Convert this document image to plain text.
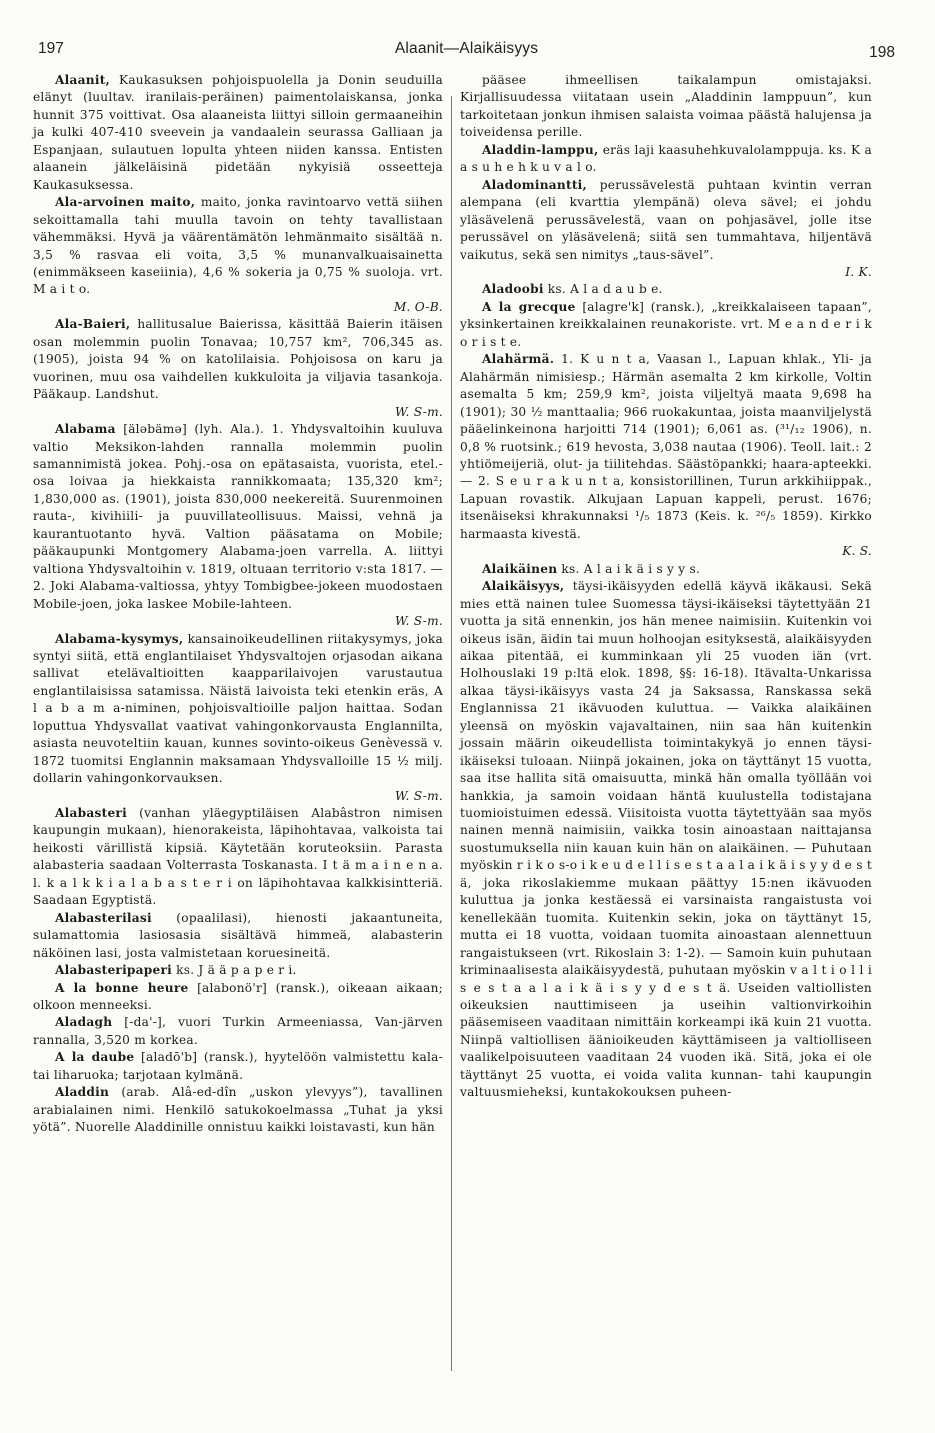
197	Alaanit—Alaikäisyys	198

Alaanit, Kaukasuksen pohjoispuolella ja Donin seuduilla elänyt (luultav. iranilais-peräinen) paimentolaiskansa, jonka hunnit 375 voittivat. Osa alaaneista liittyi silloin germaaneihin ja kulki 407-410 sveevein ja vandaalein seurassa Galliaan ja Espanjaan, sulautuen lopulta yhteen niiden kanssa. Entisten alaanein jälkeläisinä pidetään nykyisiä osseetteja Kaukasuksessa.

Ala-arvoinen maito, maito, jonka ravintoarvo vettä siihen sekoittamalla tahi muulla tavoin on tehty tavallistaan vähemmäksi. Hyvä ja väärentämätön lehmänmaito sisältää n. 3,5 % rasvaa eli voita, 3,5 % munanvalkuaisainetta (enimmäkseen kaseiinia), 4,6 % sokeria ja 0,75 % suoloja. vrt. M a i t o.
M. O-B.

Ala-Baieri, hallitusalue Baierissa, käsittää Baierin itäisen osan molemmin puolin Tonavaa; 10,757 km², 706,345 as. (1905), joista 94 % on katolilaisia. Pohjoisosa on karu ja vuorinen, muu osa vaihdellen kukkuloita ja viljavia tasankoja. Pääkaup. Landshut.
W. S-m.

Alabama [äləbämə] (lyh. Ala.). 1. Yhdysvaltoihin kuuluva valtio Meksikon-lahden rannalla molemmin puolin samannimistä jokea. Pohj.-osa on epätasaista, vuorista, etel.-osa loivaa ja hiekkaista rannikkomaata; 135,320 km²; 1,830,000 as. (1901), joista 830,000 neekereitä. Suurenmoinen rauta-, kivihiili- ja puuvillateollisuus. Maissi, vehnä ja kaurantuotanto hyvä. Valtion pääsatama on Mobile; pääkaupunki Montgomery Alabama-joen varrella. A. liittyi valtiona Yhdysvaltoihin v. 1819, oltuaan territorio v:sta 1817. — 2. Joki Alabama-valtiossa, yhtyy Tombigbee-jokeen muodostaen Mobile-joen, joka laskee Mobile-lahteen.
W. S-m.

Alabama-kysymys, kansainoikeudellinen riitakysymys, joka syntyi siitä, että englantilaiset Yhdysvaltojen orjasodan aikana sallivat etelävaltioitten kaapparilaivojen varustautua englantilaisissa satamissa. Näistä laivoista teki etenkin eräs, A l a b a m a-niminen, pohjoisvaltioille paljon haittaa. Sodan loputtua Yhdysvallat vaativat vahingonkorvausta Englannilta, asiasta neuvoteltiin kauan, kunnes sovinto-oikeus Genèvessä v. 1872 tuomitsi Englannin maksamaan Yhdysvalloille 15 ½ milj. dollarin vahingonkorvauksen.
W. S-m.

Alabasteri (vanhan yläegyptiläisen Alabâstron nimisen kaupungin mukaan), hienorakeista, läpihohtavaa, valkoista tai heikosti värillistä kipsiä. Käytetään koruteoksiin. Parasta alabasteria saadaan Volterrasta Toskanasta. I t ä m a i n e n a. l. k a l k k i a l a b a s t e r i on läpihohtavaa kalkkisintteriä. Saadaan Egyptistä.

Alabasterilasi (opaalilasi), hienosti jakaantuneita, sulamattomia lasiosasia sisältävä himmeä, alabasterin näköinen lasi, josta valmistetaan koruesineitä.

Alabasteripaperi ks. J ä ä p a p e r i.

A la bonne heure [alabonö'r] (ransk.), oikeaan aikaan; olkoon menneeksi.

Aladagh [-da'-], vuori Turkin Armeeniassa, Van-järven rannalla, 3,520 m korkea.

A la daube [aladō'b] (ransk.), hyytelöön valmistettu kala- tai liharuoka; tarjotaan kylmänä.

Aladdin (arab. Alâ-ed-dîn „uskon ylevyys”), tavallinen arabialainen nimi. Henkilö satukokoelmassa „Tuhat ja yksi yötä”. Nuorelle Aladdinille onnistuu kaikki loistavasti, kun hän

pääsee ihmeellisen taikalampun omistajaksi. Kirjallisuudessa viitataan usein „Aladdinin lamppuun”, kun tarkoitetaan jonkun ihmisen salaista voimaa päästä halujensa ja toiveidensa perille.

Aladdin-lamppu, eräs laji kaasuhehkuvalolamppuja. ks. K a a s u h e h k u v a l o.

Aladominantti, perussävelestä puhtaan kvintin verran alempana (eli kvarttia ylempänä) oleva sävel; ei johdu yläsävelenä perussävelestä, vaan on pohjasävel, jolle itse perussävel on yläsävelenä; siitä sen tummahtava, hiljentävä vaikutus, sekä sen nimitys „taus-sävel”.
I. K.

Aladoobi ks. A l a d a u b e.

A la grecque [alagre'k] (ransk.), „kreikkalaiseen tapaan”, yksinkertainen kreikkalainen reunakoriste. vrt. M e a n d e r i k o r i s t e.

Alahärmä. 1. K u n t a, Vaasan l., Lapuan khlak., Yli- ja Alahärmän nimisiesp.; Härmän asemalta 2 km kirkolle, Voltin asemalta 5 km; 259,9 km², joista viljeltyä maata 9,698 ha (1901); 30 ½ manttaalia; 966 ruokakuntaa, joista maanviljelystä pääelinkeinona harjoitti 714 (1901); 6,061 as. (³¹/₁₂ 1906), n. 0,8 % ruotsink.; 619 hevosta, 3,038 nautaa (1906). Teoll. lait.: 2 yhtiömeijeriä, olut- ja tiilitehdas. Säästöpankki; haara-apteekki. — 2. S e u r a k u n t a, konsistorillinen, Turun arkkihiippak., Lapuan rovastik. Alkujaan Lapuan kappeli, perust. 1676; itsenäiseksi khrakunnaksi ¹/₅ 1873 (Keis. k. ²⁶/₅ 1859). Kirkko harmaasta kivestä.
K. S.

Alaikäinen ks. A l a i k ä i s y y s.

Alaikäisyys, täysi-ikäisyyden edellä käyvä ikäkausi. Sekä mies että nainen tulee Suomessa täysi-ikäiseksi täytettyään 21 vuotta ja sitä ennenkin, jos hän menee naimisiin. Kuitenkin voi oikeus isän, äidin tai muun holhoojan esityksestä, alaikäisyyden aikaa pitentää, ei kumminkaan yli 25 vuoden iän (vrt. Holhouslaki 19 p:ltä elok. 1898, §§: 16-18). Itävalta-Unkarissa alkaa täysi-ikäisyys vasta 24 ja Saksassa, Ranskassa sekä Englannissa 21 ikävuoden kuluttua. — Vaikka alaikäinen yleensä on myöskin vajavaltainen, niin saa hän kuitenkin jossain määrin oikeudellista toimintakykyä jo ennen täysi-ikäiseksi tuloaan. Niinpä jokainen, joka on täyttänyt 15 vuotta, saa itse hallita sitä omaisuutta, minkä hän omalla työllään voi hankkia, ja samoin voidaan häntä kuulustella todistajana tuomioistuimen edessä. Viisitoista vuotta täytettyään saa myös nainen mennä naimisiin, vaikka tosin ainoastaan naittajansa suostumuksella niin kauan kuin hän on alaikäinen. — Puhutaan myöskin r i k o s-o i k e u d e l l i s e s t a a l a i k ä i s y y d e s t ä, joka rikoslakiemme mukaan päättyy 15:nen ikävuoden kuluttua ja jonka kestäessä ei varsinaista rangaistusta voi kenellekään tuomita. Kuitenkin sekin, joka on täyttänyt 15, mutta ei 18 vuotta, voidaan tuomita ainoastaan alennettuun rangaistukseen (vrt. Rikoslain 3: 1-2). — Samoin kuin puhutaan kriminaalisesta alaikäisyydestä, puhutaan myöskin v a l t i o l l i s e s t a a l a i k ä i s y y d e s t ä. Useiden valtiollisten oikeuksien nauttimiseen ja useihin valtionvirkoihin pääsemiseen vaaditaan nimittäin korkeampi ikä kuin 21 vuotta. Niinpä valtiollisen äänioikeuden käyttämiseen ja valtiolliseen vaalikelpoisuuteen vaaditaan 24 vuoden ikä. Sitä, joka ei ole täyttänyt 25 vuotta, ei voida valita kunnan- tahi kaupungin valtuusmieheksi, kuntakokouksen puheen-
